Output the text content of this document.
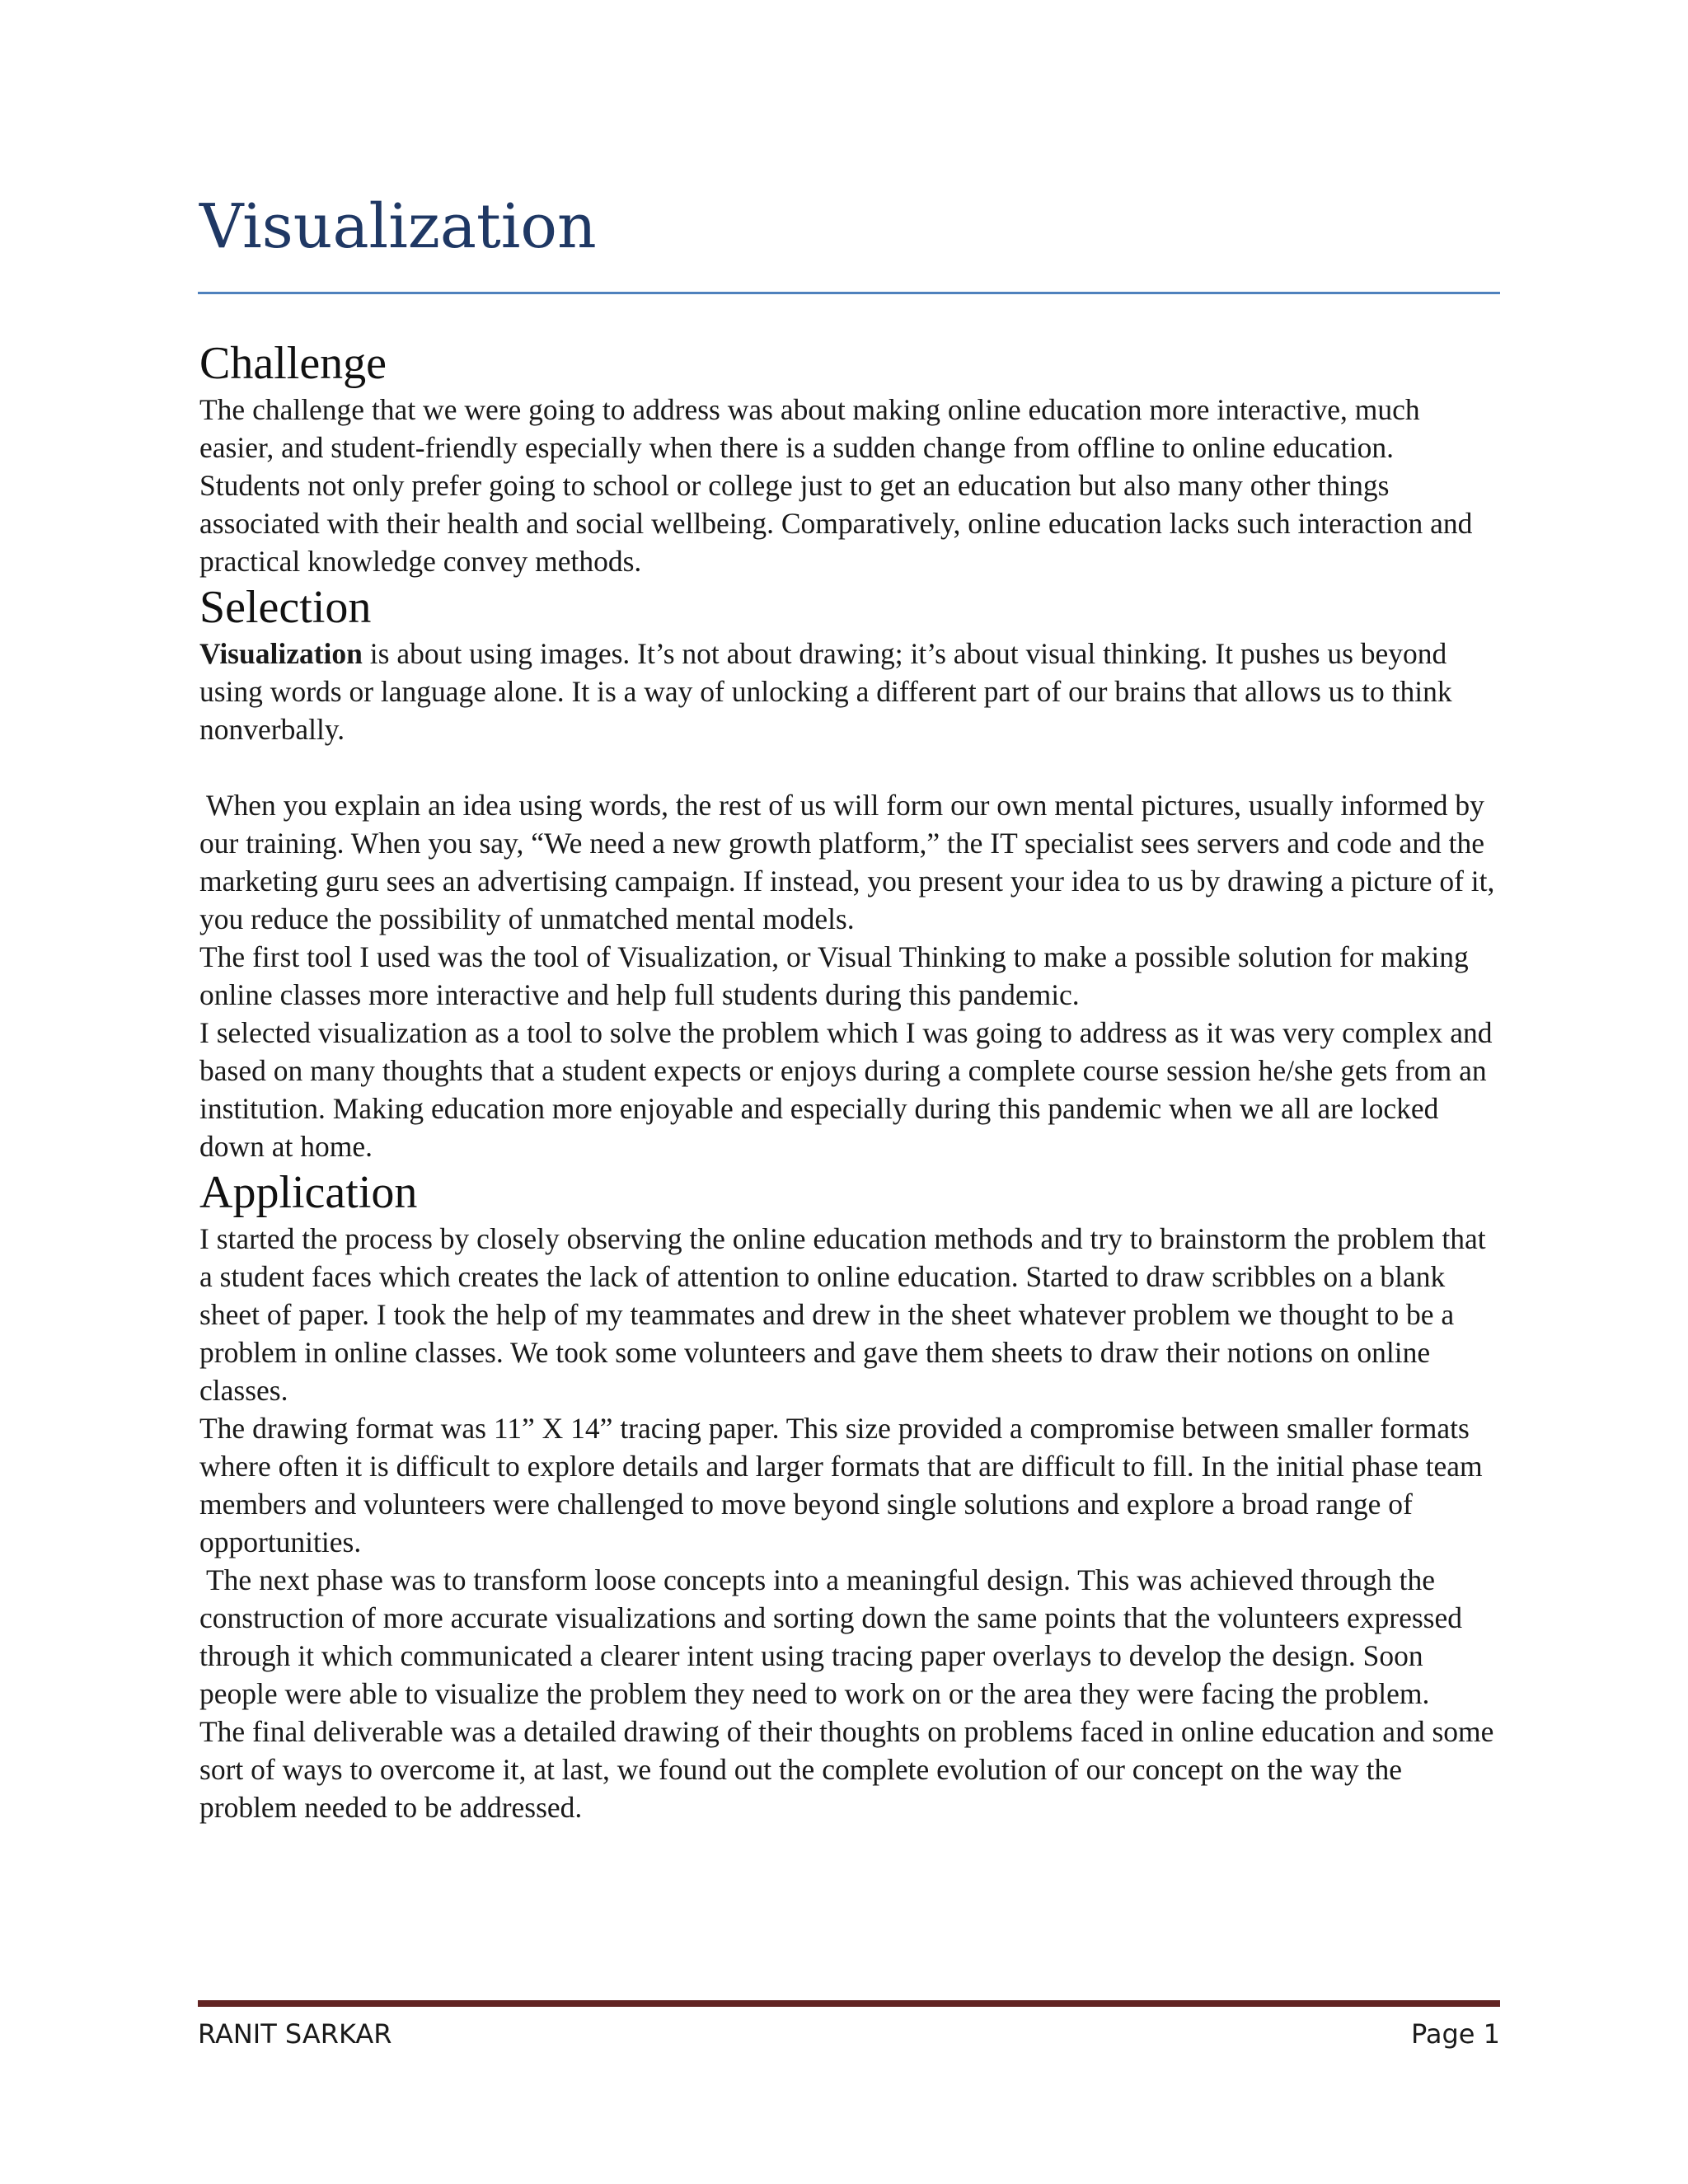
Visualization
Challenge

The challenge that we were going to address was about making online education more interactive, much easier, and student-friendly especially when there is a sudden change from offline to online education. Students not only prefer going to school or college just to get an education but also many other things associated with their health and social wellbeing. Comparatively, online education lacks such interaction and practical knowledge convey methods.

Selection

Visualization is about using images. It’s not about drawing; it’s about visual thinking. It pushes us beyond using words or language alone. It is a way of unlocking a different part of our brains that allows us to think nonverbally.

When you explain an idea using words, the rest of us will form our own mental pictures, usually informed by our training. When you say, “We need a new growth platform,” the IT specialist sees servers and code and the marketing guru sees an advertising campaign. If instead, you present your idea to us by drawing a picture of it, you reduce the possibility of unmatched mental models.

The first tool I used was the tool of Visualization, or Visual Thinking to make a possible solution for making online classes more interactive and help full students during this pandemic.

I selected visualization as a tool to solve the problem which I was going to address as it was very complex and based on many thoughts that a student expects or enjoys during a complete course session he/she gets from an institution. Making education more enjoyable and especially during this pandemic when we all are locked down at home.

Application

I started the process by closely observing the online education methods and try to brainstorm the problem that a student faces which creates the lack of attention to online education. Started to draw scribbles on a blank sheet of paper. I took the help of my teammates and drew in the sheet whatever problem we thought to be a problem in online classes. We took some volunteers and gave them sheets to draw their notions on online classes.

The drawing format was 11” X 14” tracing paper. This size provided a compromise between smaller formats where often it is difficult to explore details and larger formats that are difficult to fill. In the initial phase team members and volunteers were challenged to move beyond single solutions and explore a broad range of opportunities.

The next phase was to transform loose concepts into a meaningful design. This was achieved through the construction of more accurate visualizations and sorting down the same points that the volunteers expressed through it which communicated a clearer intent using tracing paper overlays to develop the design. Soon people were able to visualize the problem they need to work on or the area they were facing the problem.

The final deliverable was a detailed drawing of their thoughts on problems faced in online education and some sort of ways to overcome it, at last, we found out the complete evolution of our concept on the way the problem needed to be addressed.

RANIT SARKAR	Page 1
